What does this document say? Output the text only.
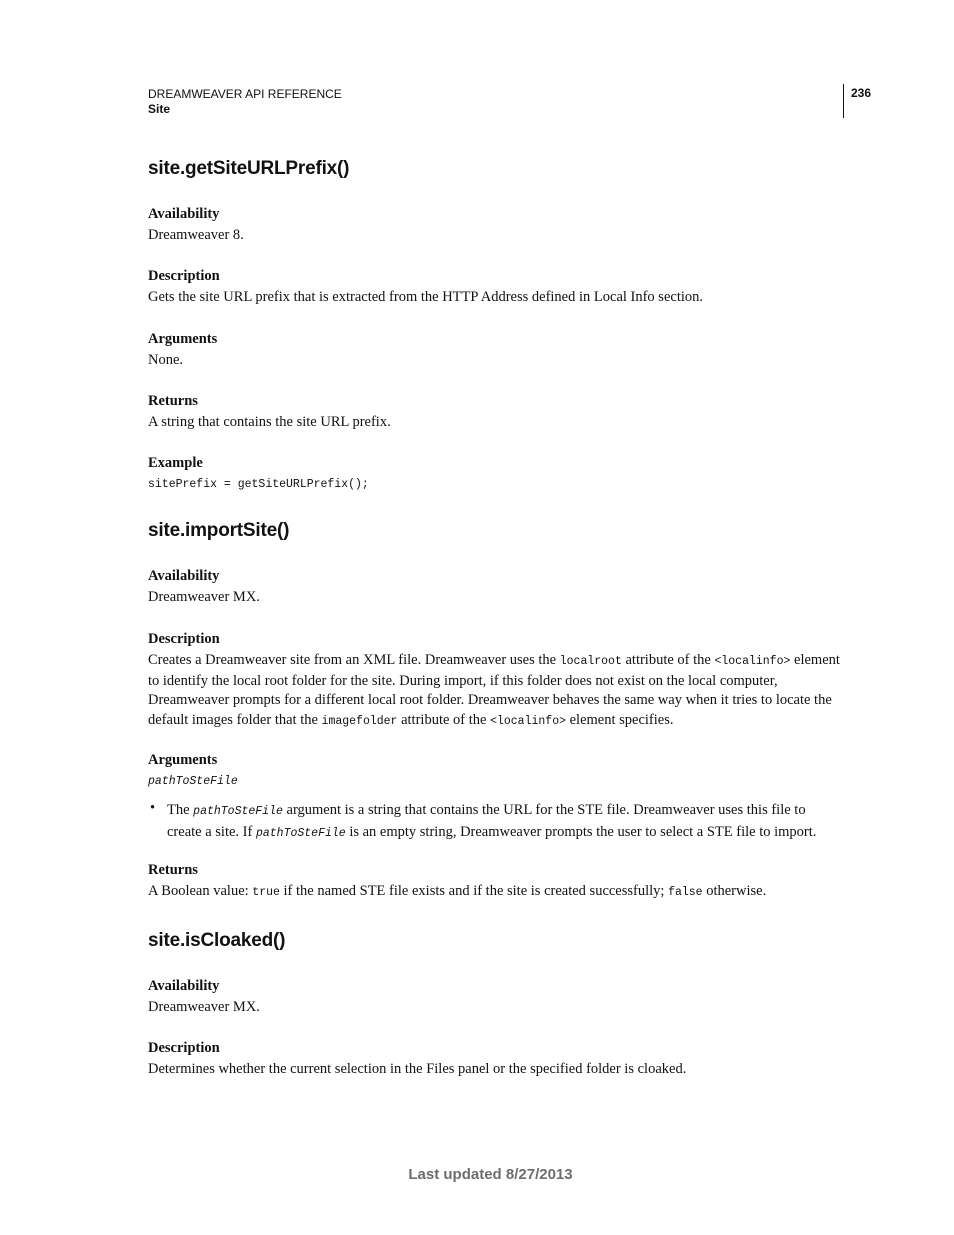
DREAMWEAVER API REFERENCE
Site
236
site.getSiteURLPrefix()
Availability
Dreamweaver 8.
Description
Gets the site URL prefix that is extracted from the HTTP Address defined in Local Info section.
Arguments
None.
Returns
A string that contains the site URL prefix.
Example
sitePrefix = getSiteURLPrefix();
site.importSite()
Availability
Dreamweaver MX.
Description
Creates a Dreamweaver site from an XML file. Dreamweaver uses the localroot attribute of the <localinfo> element to identify the local root folder for the site. During import, if this folder does not exist on the local computer, Dreamweaver prompts for a different local root folder. Dreamweaver behaves the same way when it tries to locate the default images folder that the imagefolder attribute of the <localinfo> element specifies.
Arguments
pathToSteFile
• The pathToSteFile argument is a string that contains the URL for the STE file. Dreamweaver uses this file to create a site. If pathToSteFile is an empty string, Dreamweaver prompts the user to select a STE file to import.
Returns
A Boolean value: true if the named STE file exists and if the site is created successfully; false otherwise.
site.isCloaked()
Availability
Dreamweaver MX.
Description
Determines whether the current selection in the Files panel or the specified folder is cloaked.
Last updated 8/27/2013
